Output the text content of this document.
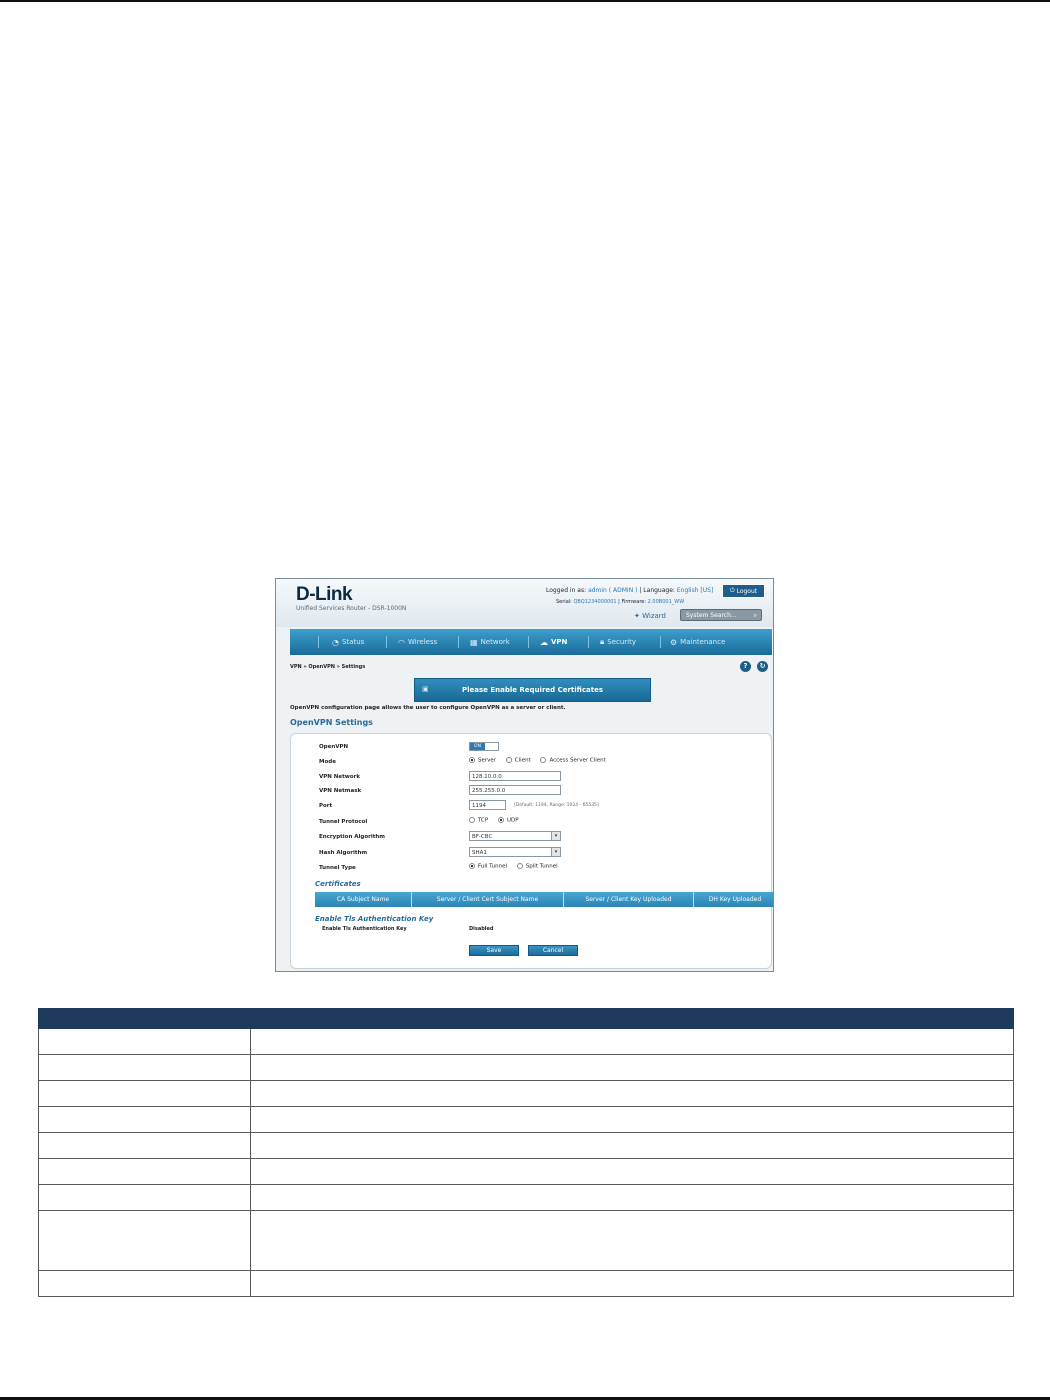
D-Link
Unified Services Router - DSR-1000N
Logged in as: admin ( ADMIN ) | Language: English [US]	⏻ Logout
Serial: QBQ1234000001 | Firmware: 2.00B001_WW
✦ Wizard	System Search...	⌕
◔ Status	◠ Wireless	▦ Network	☁ VPN	🔒︎ Security	⚙ Maintenance
VPN » OpenVPN » Settings	?	↻
▣	Please Enable Required Certificates
OpenVPN configuration page allows the user to configure OpenVPN as a server or client.
OpenVPN Settings
OpenVPN	ON
Mode	Server	Client	Access Server Client
VPN Network	128.10.0.0
VPN Netmask	255.255.0.0
Port	1194	[Default: 1194, Range: 1024 - 65535]
Tunnel Protocol	TCP	UDP
Encryption Algorithm	BF-CBC	▾
Hash Algorithm	SHA1	▾
Tunnel Type	Full Tunnel	Split Tunnel
Certificates
CA Subject Name	Server / Client Cert Subject Name	Server / Client Key Uploaded	DH Key Uploaded
Enable Tls Authentication Key
Enable Tls Authentication Key	Disabled
Save	Cancel
